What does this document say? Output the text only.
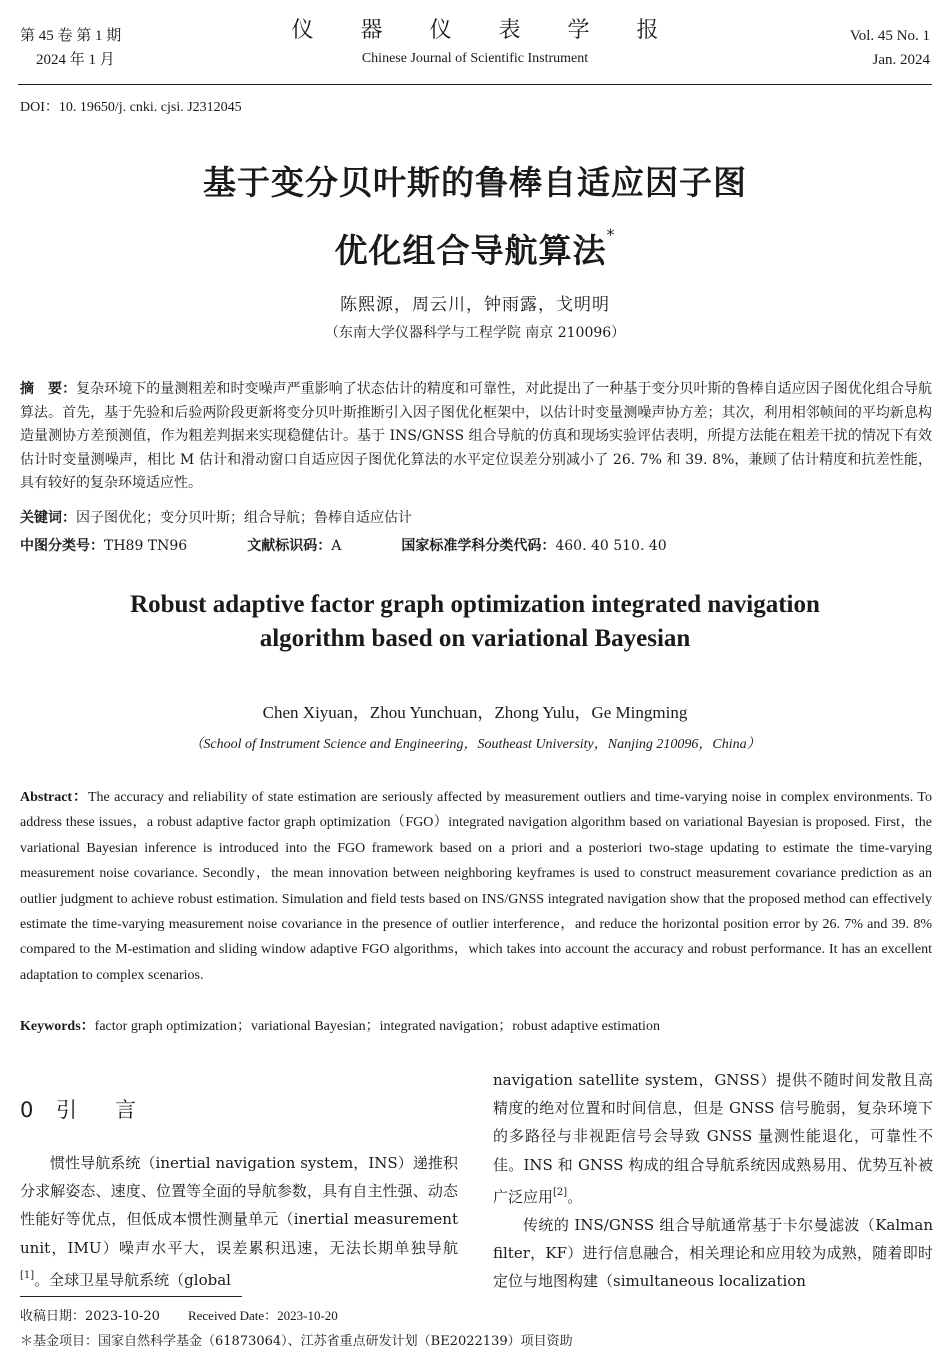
第 45 卷 第 1 期
2024 年 1 月
仪 器 仪 表 学 报
Chinese Journal of Scientific Instrument
Vol. 45 No. 1
Jan. 2024
DOI：10. 19650/j. cnki. cjsi. J2312045
基于变分贝叶斯的鲁棒自适应因子图
优化组合导航算法*
陈熙源，周云川，钟雨露，戈明明
（东南大学仪器科学与工程学院 南京 210096）
摘　要：复杂环境下的量测粗差和时变噪声严重影响了状态估计的精度和可靠性，对此提出了一种基于变分贝叶斯的鲁棒自适应因子图优化组合导航算法。首先，基于先验和后验两阶段更新将变分贝叶斯推断引入因子图优化框架中，以估计时变量测噪声协方差；其次，利用相邻帧间的平均新息构造量测协方差预测值，作为粗差判据来实现稳健估计。基于 INS/GNSS 组合导航的仿真和现场实验评估表明，所提方法能在粗差干扰的情况下有效估计时变量测噪声，相比 M 估计和滑动窗口自适应因子图优化算法的水平定位误差分别减小了 26. 7% 和 39. 8%，兼顾了估计精度和抗差性能，具有较好的复杂环境适应性。
关键词：因子图优化；变分贝叶斯；组合导航；鲁棒自适应估计
中图分类号：TH89 TN96	文献标识码：A	国家标准学科分类代码：460. 40 510. 40
Robust adaptive factor graph optimization integrated navigation
algorithm based on variational Bayesian
Chen Xiyuan，Zhou Yunchuan，Zhong Yulu，Ge Mingming
（School of Instrument Science and Engineering，Southeast University，Nanjing 210096，China）
Abstract：The accuracy and reliability of state estimation are seriously affected by measurement outliers and time-varying noise in complex environments. To address these issues，a robust adaptive factor graph optimization（FGO）integrated navigation algorithm based on variational Bayesian is proposed. First，the variational Bayesian inference is introduced into the FGO framework based on a priori and a posteriori two-stage updating to estimate the time-varying measurement noise covariance. Secondly，the mean innovation between neighboring keyframes is used to construct measurement covariance prediction as an outlier judgment to achieve robust estimation. Simulation and field tests based on INS/GNSS integrated navigation show that the proposed method can effectively estimate the time-varying measurement noise covariance in the presence of outlier interference，and reduce the horizontal position error by 26. 7% and 39. 8% compared to the M-estimation and sliding window adaptive FGO algorithms，which takes into account the accuracy and robust performance. It has an excellent adaptation to complex scenarios.
Keywords：factor graph optimization；variational Bayesian；integrated navigation；robust adaptive estimation
0 引言

惯性导航系统（inertial navigation system，INS）递推积分求解姿态、速度、位置等全面的导航参数，具有自主性强、动态性能好等优点，但低成本惯性测量单元（inertial measurement unit，IMU）噪声水平大，误差累积迅速，无法长期单独导航[1]。全球卫星导航系统（global

navigation satellite system，GNSS）提供不随时间发散且高精度的绝对位置和时间信息，但是 GNSS 信号脆弱，复杂环境下的多路径与非视距信号会导致 GNSS 量测性能退化，可靠性不佳。INS 和 GNSS 构成的组合导航系统因成熟易用、优势互补被广泛应用[2]。

传统的 INS/GNSS 组合导航通常基于卡尔曼滤波（Kalman filter，KF）进行信息融合，相关理论和应用较为成熟，随着即时定位与地图构建（simultaneous localization

收稿日期：2023-10-20 Received Date：2023-10-20
＊基金项目：国家自然科学基金（61873064）、江苏省重点研发计划（BE2022139）项目资助
